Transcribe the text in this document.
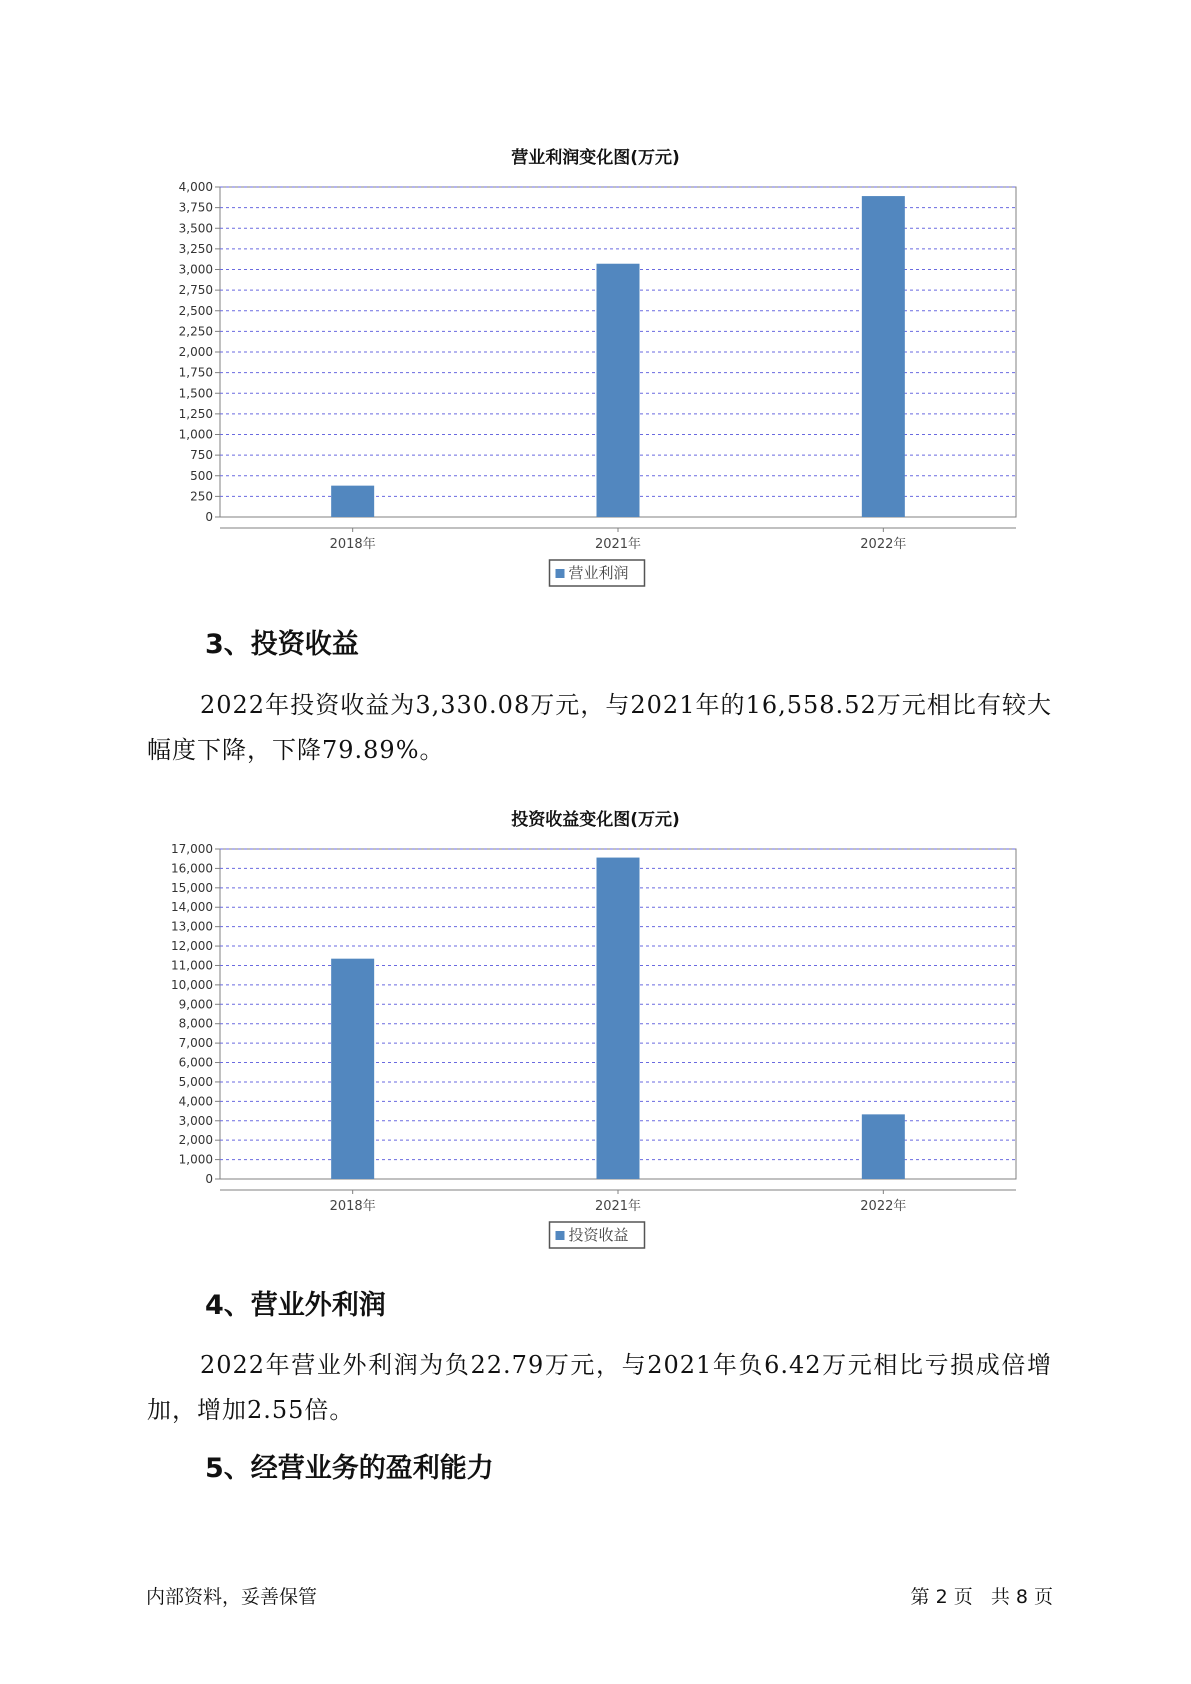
营业利润变化图(万元)
0
250
500
750
1,000
1,250
1,500
1,750
2,000
2,250
2,500
2,750
3,000
3,250
3,500
3,750
4,000
2018年	2021年	2022年
营业利润
3、投资收益
2022年投资收益为3,330.08万元，与2021年的16,558.52万元相比有较大幅度下降，下降79.89%。
投资收益变化图(万元)
0
1,000
2,000
3,000
4,000
5,000
6,000
7,000
8,000
9,000
10,000
11,000
12,000
13,000
14,000
15,000
16,000
17,000
2018年	2021年	2022年
投资收益
4、营业外利润
2022年营业外利润为负22.79万元，与2021年负6.42万元相比亏损成倍增加，增加2.55倍。
5、经营业务的盈利能力
内部资料，妥善保管	第 2 页   共 8 页
